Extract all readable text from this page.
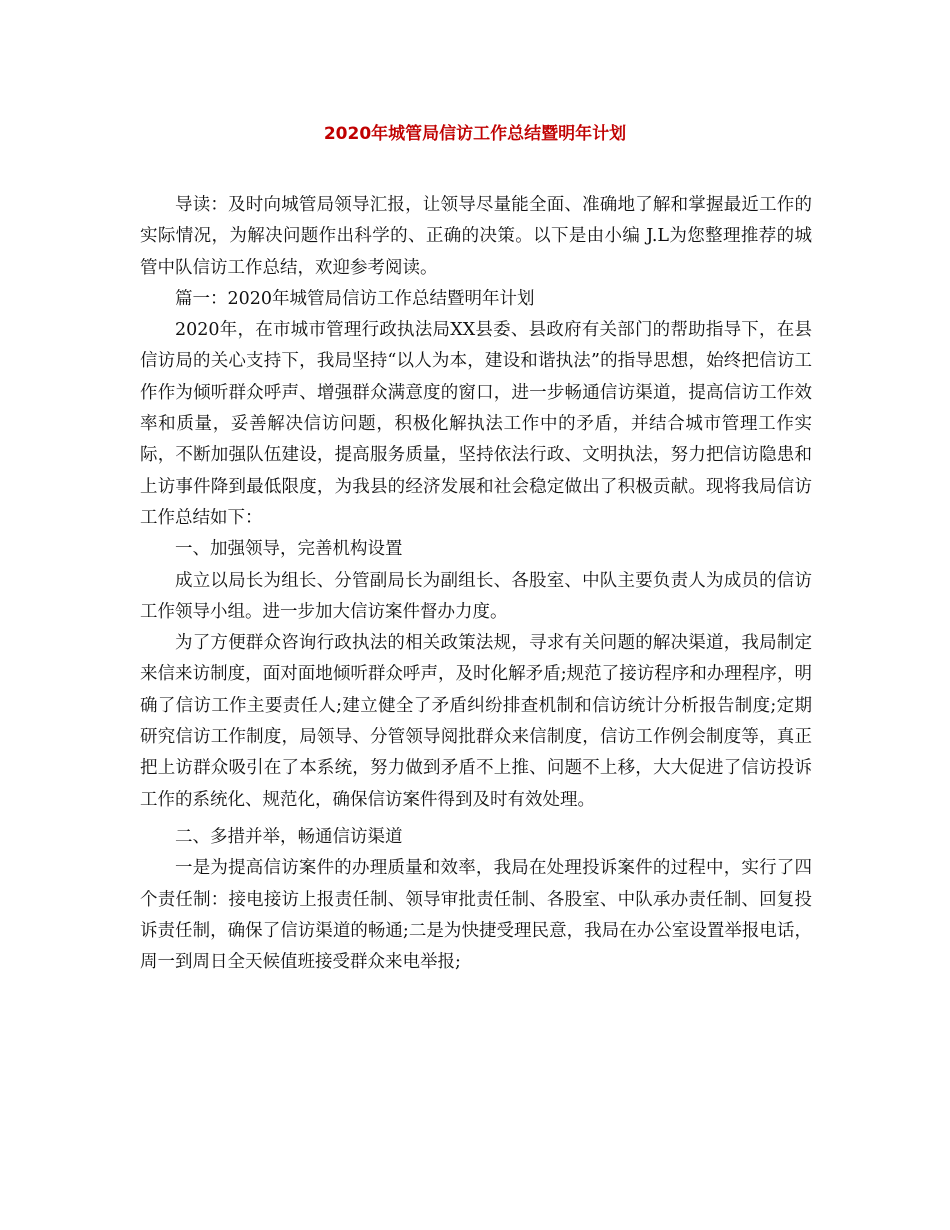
2020年城管局信访工作总结暨明年计划

导读：及时向城管局领导汇报，让领导尽量能全面、准确地了解和掌握最近工作的实际情况，为解决问题作出科学的、正确的决策。以下是由小编 J.L为您整理推荐的城管中队信访工作总结，欢迎参考阅读。

篇一：2020年城管局信访工作总结暨明年计划

2020年，在市城市管理行政执法局XX县委、县政府有关部门的帮助指导下，在县信访局的关心支持下，我局坚持“以人为本，建设和谐执法”的指导思想，始终把信访工作作为倾听群众呼声、增强群众满意度的窗口，进一步畅通信访渠道，提高信访工作效率和质量，妥善解决信访问题，积极化解执法工作中的矛盾，并结合城市管理工作实际，不断加强队伍建设，提高服务质量，坚持依法行政、文明执法，努力把信访隐患和上访事件降到最低限度，为我县的经济发展和社会稳定做出了积极贡献。现将我局信访工作总结如下：

一、加强领导，完善机构设置

成立以局长为组长、分管副局长为副组长、各股室、中队主要负责人为成员的信访工作领导小组。进一步加大信访案件督办力度。

为了方便群众咨询行政执法的相关政策法规，寻求有关问题的解决渠道，我局制定来信来访制度，面对面地倾听群众呼声，及时化解矛盾;规范了接访程序和办理程序，明确了信访工作主要责任人;建立健全了矛盾纠纷排查机制和信访统计分析报告制度;定期研究信访工作制度，局领导、分管领导阅批群众来信制度，信访工作例会制度等，真正把上访群众吸引在了本系统，努力做到矛盾不上推、问题不上移，大大促进了信访投诉工作的系统化、规范化，确保信访案件得到及时有效处理。

二、多措并举，畅通信访渠道

一是为提高信访案件的办理质量和效率，我局在处理投诉案件的过程中，实行了四个责任制：接电接访上报责任制、领导审批责任制、各股室、中队承办责任制、回复投诉责任制，确保了信访渠道的畅通;二是为快捷受理民意，我局在办公室设置举报电话，周一到周日全天候值班接受群众来电举报;
